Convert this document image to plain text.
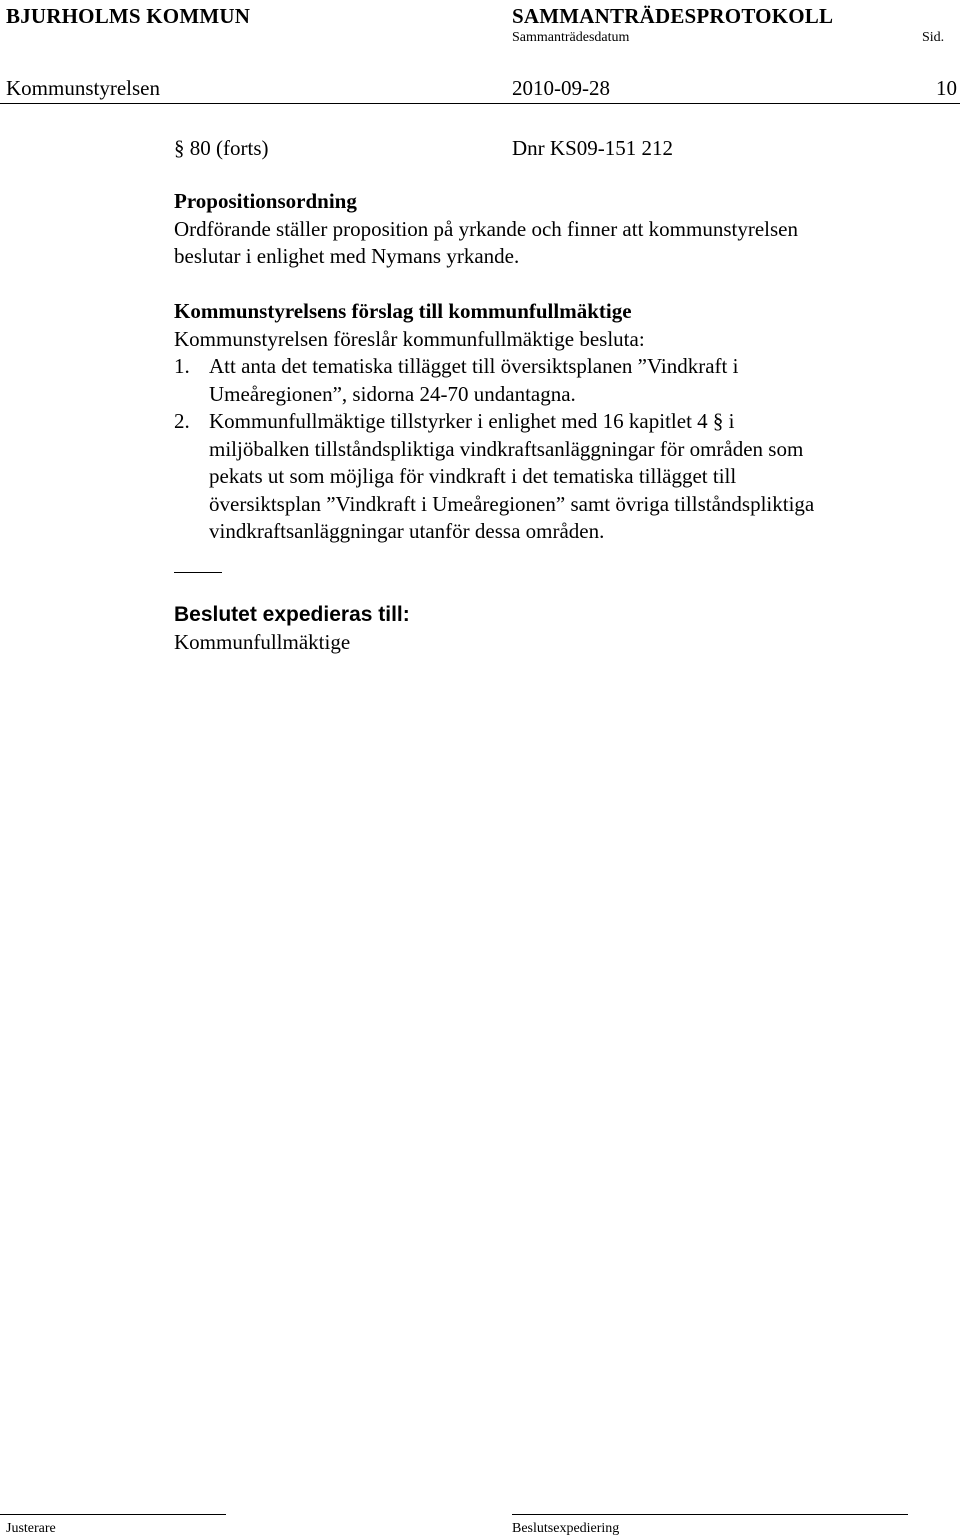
BJURHOLMS KOMMUN	SAMMANTRÄDESPROTOKOLL
Sammanträdesdatum	Sid.
Kommunstyrelsen	2010-09-28	10
§ 80 (forts)	Dnr KS09-151 212
Propositionsordning
Ordförande ställer proposition på yrkande och finner att kommunstyrelsen
beslutar i enlighet med Nymans yrkande.
Kommunstyrelsens förslag till kommunfullmäktige
Kommunstyrelsen föreslår kommunfullmäktige besluta:
1. Att anta det tematiska tillägget till översiktsplanen ”Vindkraft i
Umeåregionen”, sidorna 24-70 undantagna.
2. Kommunfullmäktige tillstyrker i enlighet med 16 kapitlet 4 § i
miljöbalken tillståndspliktiga vindkraftsanläggningar för områden som
pekats ut som möjliga för vindkraft i det tematiska tillägget till
översiktsplan ”Vindkraft i Umeåregionen” samt övriga tillståndspliktiga
vindkraftsanläggningar utanför dessa områden.
Beslutet expedieras till:
Kommunfullmäktige
Justerare	Beslutsexpediering
